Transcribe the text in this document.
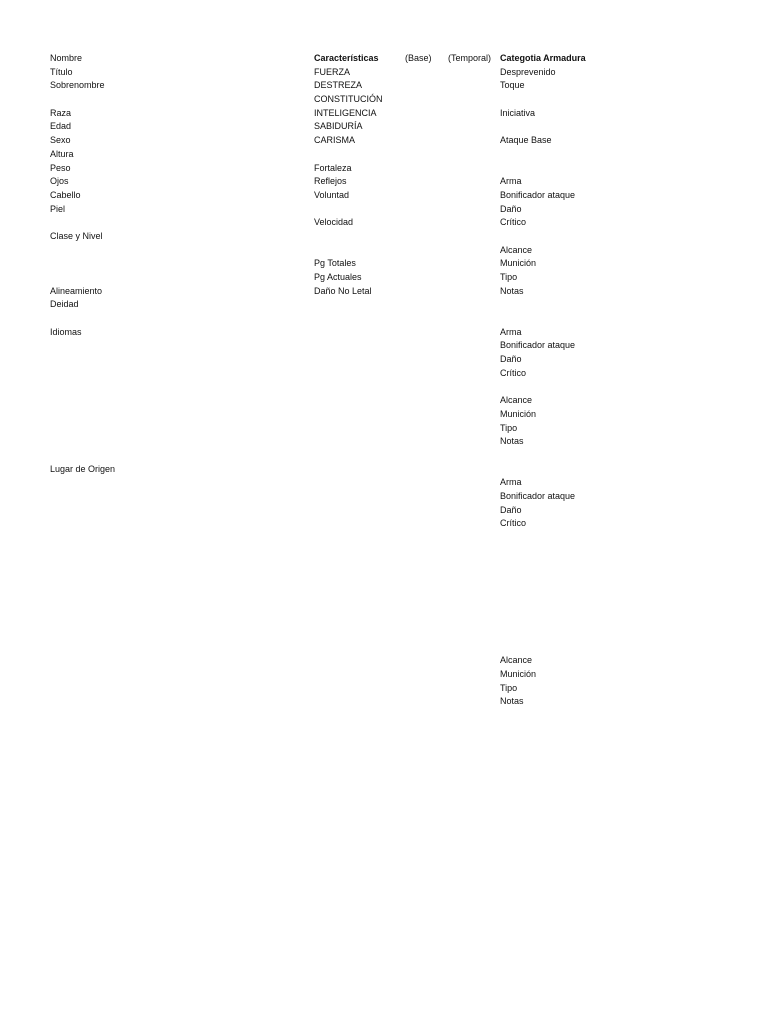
Nombre
Título
Sobrenombre
Raza
Edad
Sexo
Altura
Peso
Ojos
Cabello
Piel
Clase y Nivel
Alineamiento
Deidad
Idiomas
Lugar de Origen
Características	(Base) (Temporal)
FUERZA
DESTREZA
CONSTITUCIÓN
INTELIGENCIA
SABIDURÍA
CARISMA
Fortaleza
Reflejos
Voluntad
Velocidad
Pg Totales
Pg Actuales
Daño No Letal
Categotia Armadura
Desprevenido
Toque
Iniciativa
Ataque Base
Arma
Bonificador ataque
Daño
Crítico
Alcance
Munición
Tipo
Notas
Arma
Bonificador ataque
Daño
Crítico
Alcance
Munición
Tipo
Notas
Arma
Bonificador ataque
Daño
Crítico
Alcance
Munición
Tipo
Notas
